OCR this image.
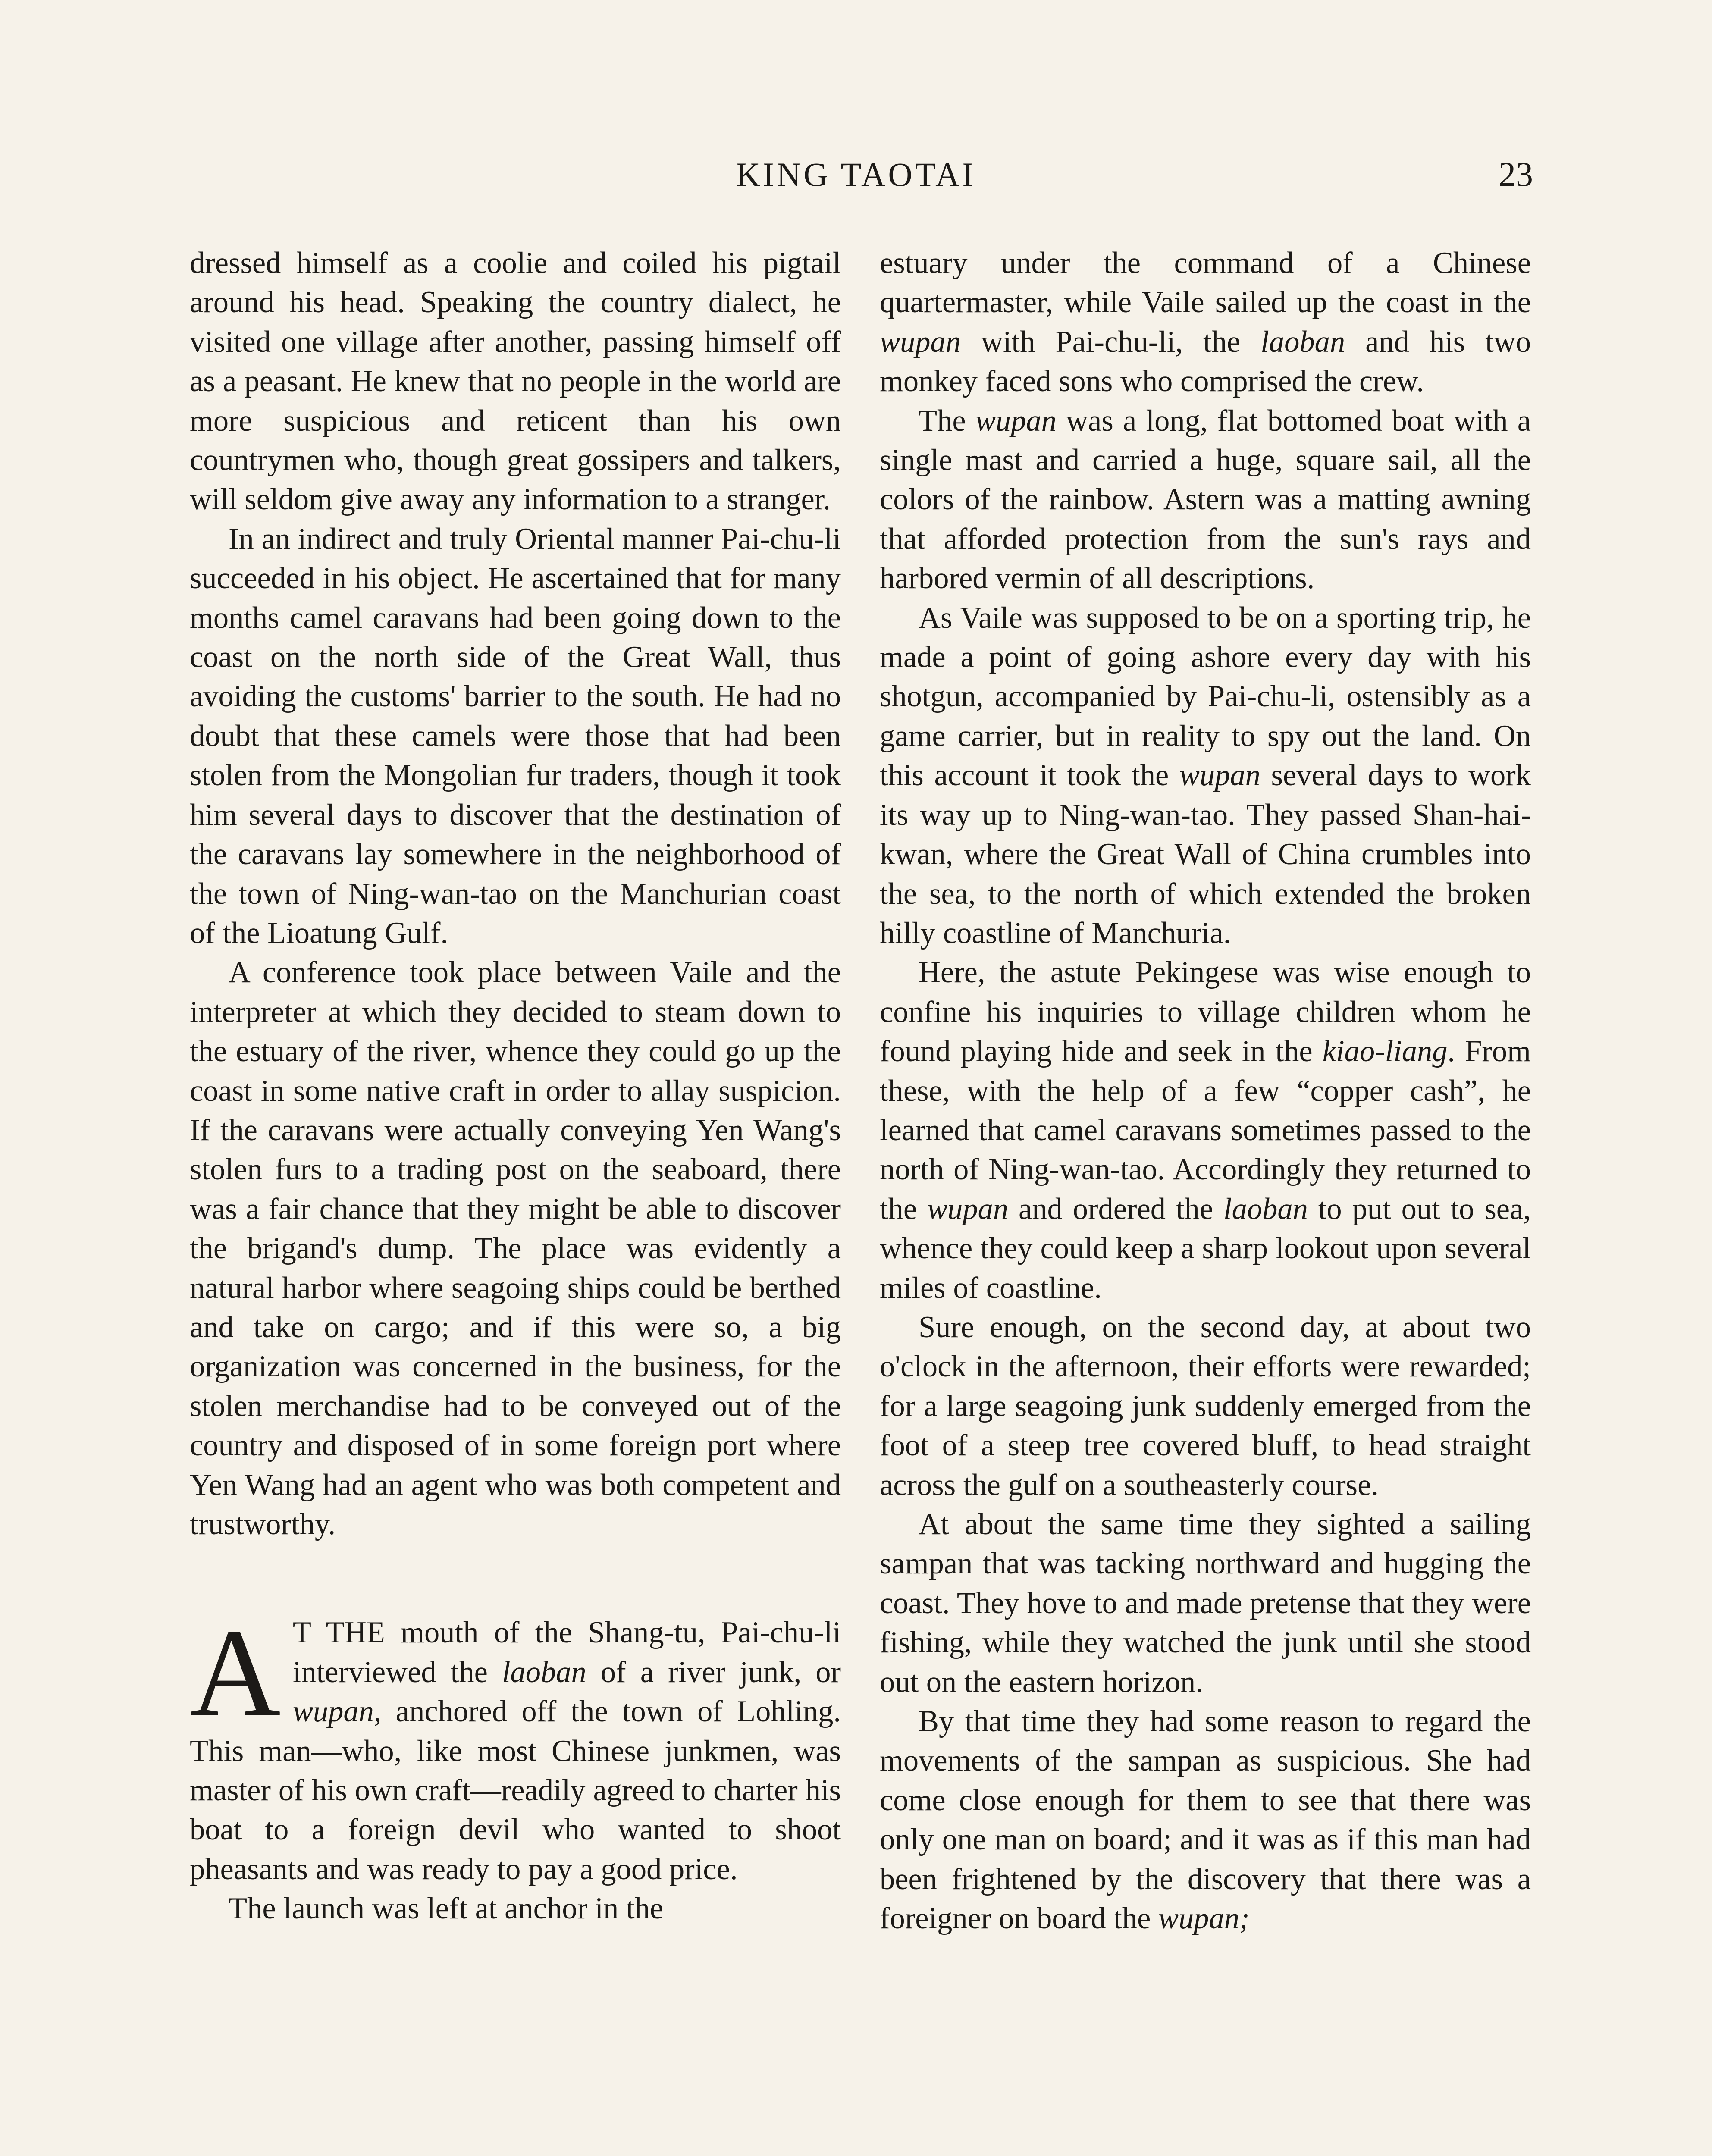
KING TAOTAI	23

dressed himself as a coolie and coiled his pigtail around his head. Speaking the country dialect, he visited one village after another, passing himself off as a peasant. He knew that no people in the world are more suspicious and reticent than his own countrymen who, though great gossipers and talkers, will seldom give away any information to a stranger.

In an indirect and truly Oriental manner Pai-chu-li succeeded in his object. He ascertained that for many months camel caravans had been going down to the coast on the north side of the Great Wall, thus avoiding the customs' barrier to the south. He had no doubt that these camels were those that had been stolen from the Mongolian fur traders, though it took him several days to discover that the destination of the caravans lay somewhere in the neighborhood of the town of Ning-wan-tao on the Manchurian coast of the Lioatung Gulf.

A conference took place between Vaile and the interpreter at which they decided to steam down to the estuary of the river, whence they could go up the coast in some native craft in order to allay suspicion. If the caravans were actually conveying Yen Wang's stolen furs to a trading post on the seaboard, there was a fair chance that they might be able to discover the brigand's dump. The place was evidently a natural harbor where seagoing ships could be berthed and take on cargo; and if this were so, a big organization was concerned in the business, for the stolen merchandise had to be conveyed out of the country and disposed of in some foreign port where Yen Wang had an agent who was both competent and trustworthy.

A T THE mouth of the Shang-tu, Pai-chu-li interviewed the laoban of a river junk, or wupan, anchored off the town of Lohling. This man—who, like most Chinese junkmen, was master of his own craft—readily agreed to charter his boat to a foreign devil who wanted to shoot pheasants and was ready to pay a good price.

The launch was left at anchor in the

estuary under the command of a Chinese quartermaster, while Vaile sailed up the coast in the wupan with Pai-chu-li, the laoban and his two monkey faced sons who comprised the crew.

The wupan was a long, flat bottomed boat with a single mast and carried a huge, square sail, all the colors of the rainbow. Astern was a matting awning that afforded protection from the sun's rays and harbored vermin of all descriptions.

As Vaile was supposed to be on a sporting trip, he made a point of going ashore every day with his shotgun, accompanied by Pai-chu-li, ostensibly as a game carrier, but in reality to spy out the land. On this account it took the wupan several days to work its way up to Ning-wan-tao. They passed Shan-hai-kwan, where the Great Wall of China crumbles into the sea, to the north of which extended the broken hilly coastline of Manchuria.

Here, the astute Pekingese was wise enough to confine his inquiries to village children whom he found playing hide and seek in the kiao-liang. From these, with the help of a few “copper cash”, he learned that camel caravans sometimes passed to the north of Ning-wan-tao. Accordingly they returned to the wupan and ordered the laoban to put out to sea, whence they could keep a sharp lookout upon several miles of coastline.

Sure enough, on the second day, at about two o'clock in the afternoon, their efforts were rewarded; for a large seagoing junk suddenly emerged from the foot of a steep tree covered bluff, to head straight across the gulf on a southeasterly course.

At about the same time they sighted a sailing sampan that was tacking northward and hugging the coast. They hove to and made pretense that they were fishing, while they watched the junk until she stood out on the eastern horizon.

By that time they had some reason to regard the movements of the sampan as suspicious. She had come close enough for them to see that there was only one man on board; and it was as if this man had been frightened by the discovery that there was a foreigner on board the wupan;
